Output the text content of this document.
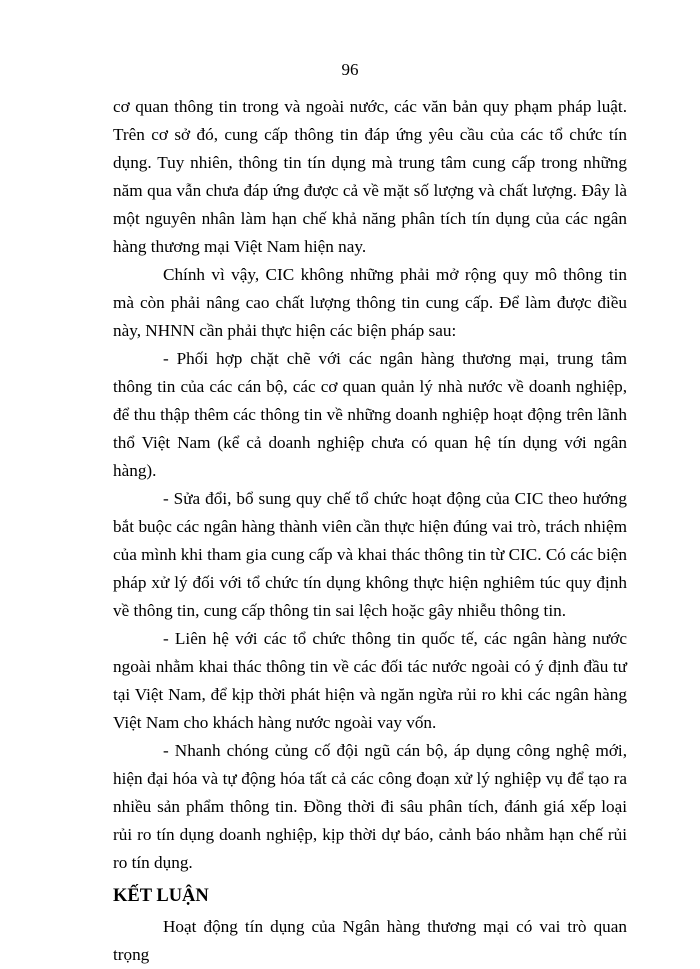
96

cơ quan thông tin trong và ngoài nước, các văn bản quy phạm pháp luật. Trên cơ sở đó, cung cấp thông tin đáp ứng yêu cầu của các tổ chức tín dụng. Tuy nhiên, thông tin tín dụng mà trung tâm cung cấp trong những năm qua vẫn chưa đáp ứng được cả về mặt số lượng và chất lượng. Đây là một nguyên nhân làm hạn chế khả năng phân tích tín dụng của các ngân hàng thương mại Việt Nam hiện nay.

Chính vì vậy, CIC không những phải mở rộng quy mô thông tin mà còn phải nâng cao chất lượng thông tin cung cấp. Để làm được điều này, NHNN cần phải thực hiện các biện pháp sau:

- Phối hợp chặt chẽ với các ngân hàng thương mại, trung tâm thông tin của các cán bộ, các cơ quan quản lý nhà nước về doanh nghiệp, để thu thập thêm các thông tin về những doanh nghiệp hoạt động trên lãnh thổ Việt Nam (kể cả doanh nghiệp chưa có quan hệ tín dụng với ngân hàng).

- Sửa đổi, bổ sung quy chế tổ chức hoạt động của CIC theo hướng bắt buộc các ngân hàng thành viên cần thực hiện đúng vai trò, trách nhiệm của mình khi tham gia cung cấp và khai thác thông tin từ CIC. Có các biện pháp xử lý đối với tổ chức tín dụng không thực hiện nghiêm túc quy định về thông tin, cung cấp thông tin sai lệch hoặc gây nhiễu thông tin.

- Liên hệ với các tổ chức thông tin quốc tế, các ngân hàng nước ngoài nhằm khai thác thông tin về các đối tác nước ngoài có ý định đầu tư tại Việt Nam, để kịp thời phát hiện và ngăn ngừa rủi ro khi các ngân hàng Việt Nam cho khách hàng nước ngoài vay vốn.

- Nhanh chóng củng cố đội ngũ cán bộ, áp dụng công nghệ mới, hiện đại hóa và tự động hóa tất cả các công đoạn xử lý nghiệp vụ để tạo ra nhiều sản phẩm thông tin. Đồng thời đi sâu phân tích, đánh giá xếp loại rủi ro tín dụng doanh nghiệp, kịp thời dự báo, cảnh báo nhằm hạn chế rủi ro tín dụng.

KẾT LUẬN

Hoạt động tín dụng của Ngân hàng thương mại có vai trò quan trọng
